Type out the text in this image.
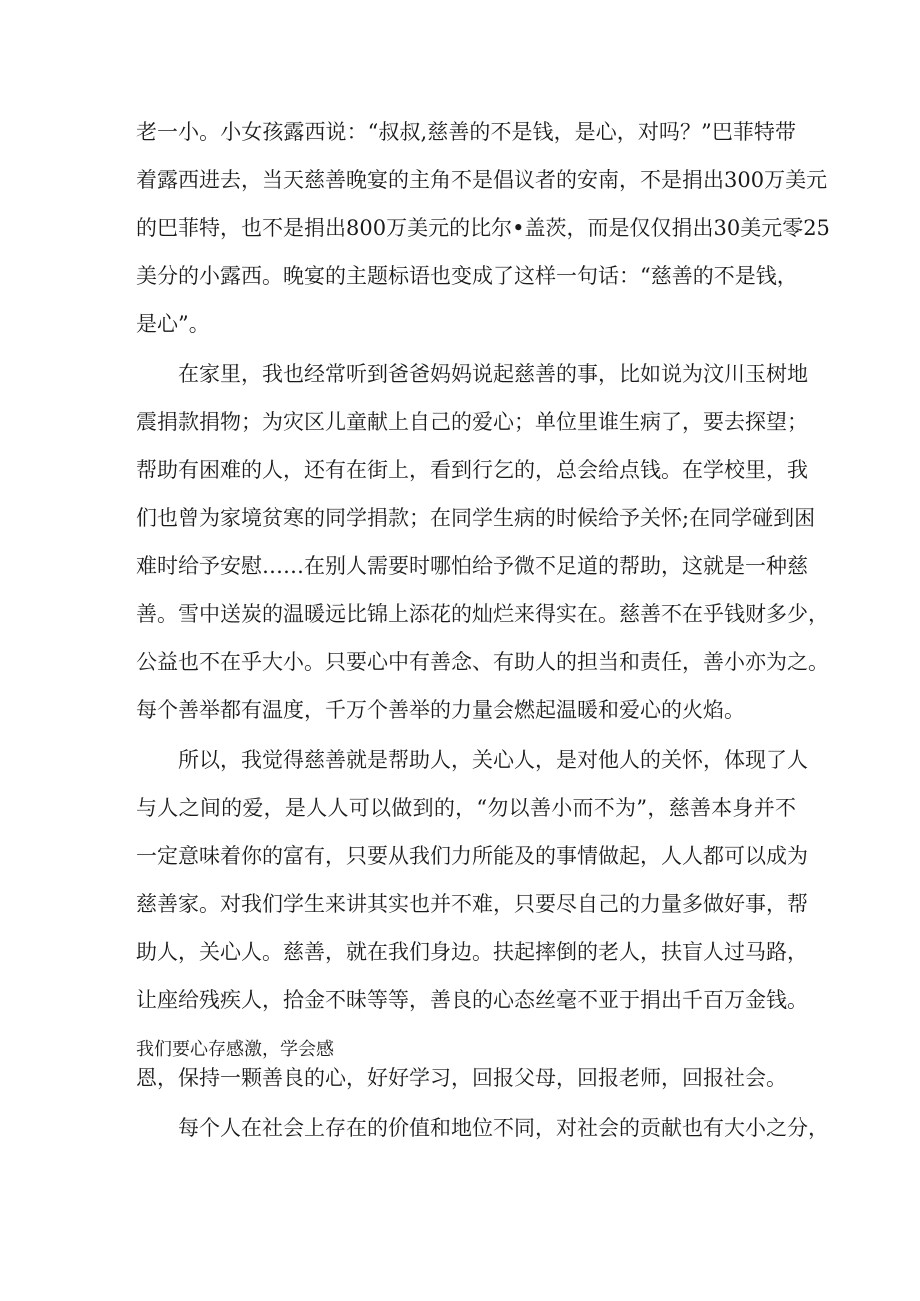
老一小。小女孩露西说：“叔叔,慈善的不是钱，是心，对吗？”巴菲特带
着露西进去，当天慈善晚宴的主角不是倡议者的安南，不是捐出300万美元
的巴菲特，也不是捐出800万美元的比尔•盖茨，而是仅仅捐出30美元零25
美分的小露西。晚宴的主题标语也变成了这样一句话：“慈善的不是钱，
是心”。
在家里，我也经常听到爸爸妈妈说起慈善的事，比如说为汶川玉树地
震捐款捐物；为灾区儿童献上自己的爱心；单位里谁生病了，要去探望；
帮助有困难的人，还有在街上，看到行乞的，总会给点钱。在学校里，我
们也曾为家境贫寒的同学捐款；在同学生病的时候给予关怀;在同学碰到困
难时给予安慰……在别人需要时哪怕给予微不足道的帮助，这就是一种慈
善。雪中送炭的温暖远比锦上添花的灿烂来得实在。慈善不在乎钱财多少，
公益也不在乎大小。只要心中有善念、有助人的担当和责任，善小亦为之。
每个善举都有温度，千万个善举的力量会燃起温暖和爱心的火焰。
所以，我觉得慈善就是帮助人，关心人，是对他人的关怀，体现了人
与人之间的爱，是人人可以做到的，“勿以善小而不为”，慈善本身并不
一定意味着你的富有，只要从我们力所能及的事情做起，人人都可以成为
慈善家。对我们学生来讲其实也并不难，只要尽自己的力量多做好事，帮
助人，关心人。慈善，就在我们身边。扶起摔倒的老人，扶盲人过马路，
让座给残疾人，拾金不昧等等，善良的心态丝毫不亚于捐出千百万金钱。
我们要心存感激，学会感
恩，保持一颗善良的心，好好学习，回报父母，回报老师，回报社会。
每个人在社会上存在的价值和地位不同，对社会的贡献也有大小之分，
